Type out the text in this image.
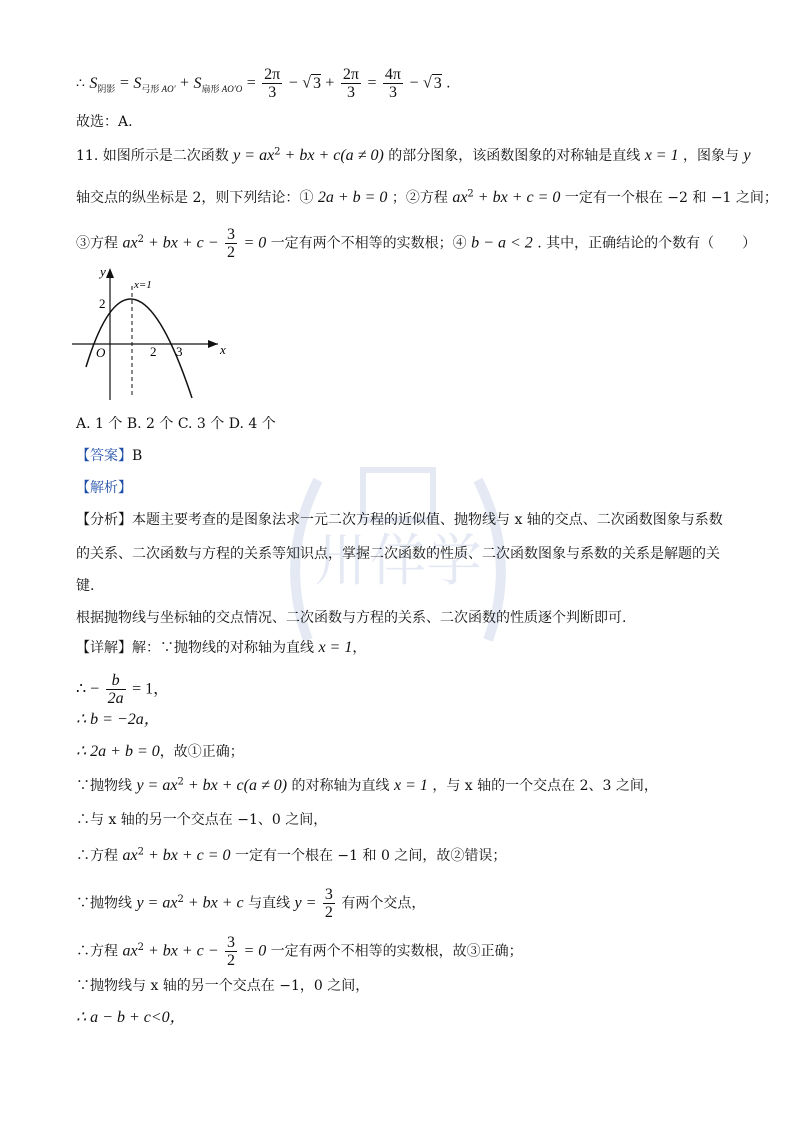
卅佯学
∴ $S_{阴影} = S_{弓形 AO'} + S_{扇形 AO'O} = \frac{2\pi}{3}$ − √ $3 + \frac{2\pi}{3} = \frac{4\pi}{3}$ − √ 3 .
故选：A.
11. 如图所示是二次函数 $y = ax^2$ + bx + c(a ≠ 0) 的部分图象，该函数图象的对称轴是直线 x = 1 ，图象与 y
轴交点的纵坐标是 2，则下列结论：① 2a + b = 0 ；②方程 $ax^2$ + bx + c = 0 一定有一个根在 −2 和 −1 之间；
③方程 $ax^2$ + bx + $c - \frac{3}{2} = 0$ 一定有两个不相等的实数根；④ b − a < 2 . 其中，正确结论的个数有（　　）
y
x
x=1
O
2
2 3
A. 1 个 B. 2 个 C. 3 个 D. 4 个
【答案】B
【解析】
【分析】本题主要考查的是图象法求一元二次方程的近似值、抛物线与 x 轴的交点、二次函数图象与系数
的关系、二次函数与方程的关系等知识点，掌握二次函数的性质、二次函数图象与系数的关系是解题的关
键.
根据抛物线与坐标轴的交点情况、二次函数与方程的关系、二次函数的性质逐个判断即可.
【详解】解：∵抛物线的对称轴为直线 x = 1，
∴ − $\frac{b}{2a} = 1$，
∴ b = −2a，
∴ 2a + b = 0，故①正确；
∵抛物线 $y = ax^2$ + bx + c(a ≠ 0) 的对称轴为直线 x = 1 ，与 x 轴的一个交点在 2、3 之间，
∴与 x 轴的另一个交点在 −1、0 之间，
∴方程 $ax^2$ + bx + c = 0 一定有一个根在 −1 和 0 之间，故②错误；
∵抛物线 $y = ax^2$ + bx + c 与直线 $y = \frac{3}{2}$ 有两个交点，
∴方程 $ax^2$ + bx + $c - \frac{3}{2} = 0$ 一定有两个不相等的实数根，故③正确；
∵抛物线与 x 轴的另一个交点在 −1，0 之间，
∴ a − b + c<0，
